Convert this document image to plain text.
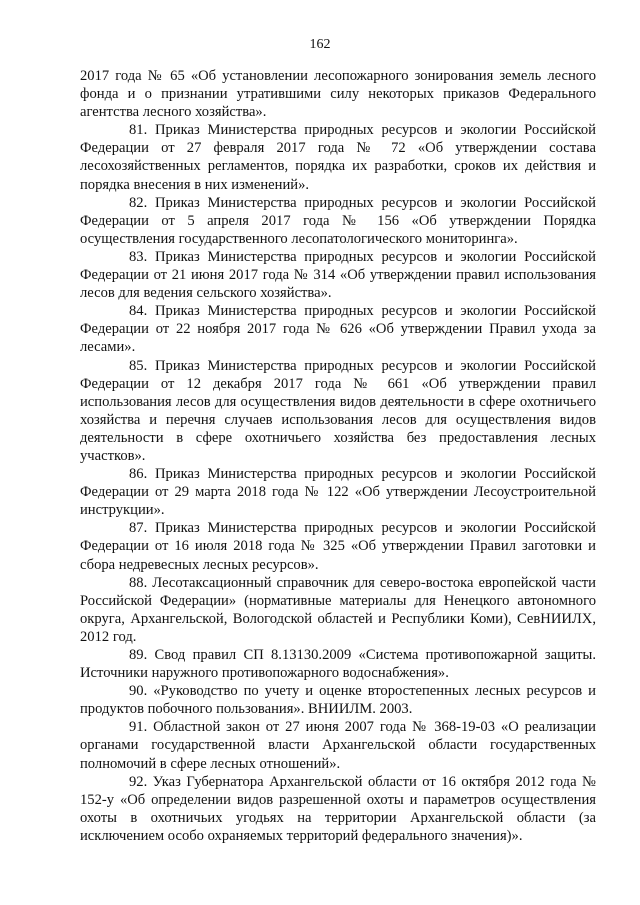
162

2017 года № 65 «Об установлении лесопожарного зонирования земель лесного фонда и о признании утратившими силу некоторых приказов Федерального агентства лесного хозяйства».

81. Приказ Министерства природных ресурсов и экологии Российской Федерации от 27 февраля 2017 года № 72 «Об утверждении состава лесохозяйственных регламентов, порядка их разработки, сроков их действия и порядка внесения в них изменений».

82. Приказ Министерства природных ресурсов и экологии Российской Федерации от 5 апреля 2017 года № 156 «Об утверждении Порядка осуществления государственного лесопатологического мониторинга».

83. Приказ Министерства природных ресурсов и экологии Российской Федерации от 21 июня 2017 года № 314 «Об утверждении правил использования лесов для ведения сельского хозяйства».

84. Приказ Министерства природных ресурсов и экологии Российской Федерации от 22 ноября 2017 года № 626 «Об утверждении Правил ухода за лесами».

85. Приказ Министерства природных ресурсов и экологии Российской Федерации от 12 декабря 2017 года № 661 «Об утверждении правил использования лесов для осуществления видов деятельности в сфере охотничьего хозяйства и перечня случаев использования лесов для осуществления видов деятельности в сфере охотничьего хозяйства без предоставления лесных участков».

86. Приказ Министерства природных ресурсов и экологии Российской Федерации от 29 марта 2018 года № 122 «Об утверждении Лесоустроительной инструкции».

87. Приказ Министерства природных ресурсов и экологии Российской Федерации от 16 июля 2018 года № 325 «Об утверждении Правил заготовки и сбора недревесных лесных ресурсов».

88. Лесотаксационный справочник для северо-востока европейской части Российской Федерации» (нормативные материалы для Ненецкого автономного округа, Архангельской, Вологодской областей и Республики Коми), СевНИИЛХ, 2012 год.

89. Свод правил СП 8.13130.2009 «Система противопожарной защиты. Источники наружного противопожарного водоснабжения».

90. «Руководство по учету и оценке второстепенных лесных ресурсов и продуктов побочного пользования». ВНИИЛМ. 2003.

91. Областной закон от 27 июня 2007 года № 368-19-03 «О реализации органами государственной власти Архангельской области государственных полномочий в сфере лесных отношений».

92. Указ Губернатора Архангельской области от 16 октября 2012 года № 152-у «Об определении видов разрешенной охоты и параметров осуществления охоты в охотничьих угодьях на территории Архангельской области (за исключением особо охраняемых территорий федерального значения)».
